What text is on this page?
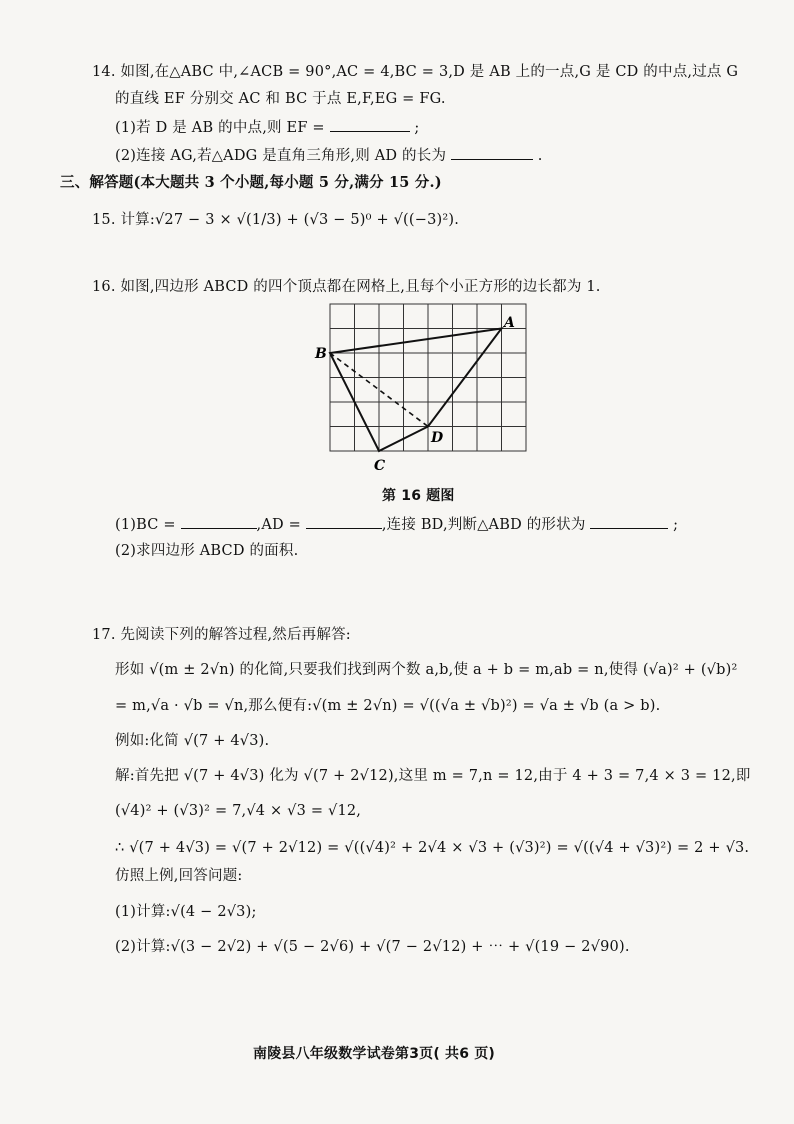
14. 如图,在△ABC 中,∠ACB = 90°,AC = 4,BC = 3,D 是 AB 上的一点,G 是 CD 的中点,过点 G
的直线 EF 分别交 AC 和 BC 于点 E,F,EG = FG.
(1)若 D 是 AB 的中点,则 EF =	;
(2)连接 AG,若△ADG 是直角三角形,则 AD 的长为	.
三、解答题(本大题共 3 个小题,每小题 5 分,满分 15 分.)
15. 计算:√27 − 3 × √(1/3) + (√3 − 5)⁰ + √((−3)²).
16. 如图,四边形 ABCD 的四个顶点都在网格上,且每个小正方形的边长都为 1.
A
B
C
D
第 16 题图
(1)BC =	,AD =	,连接 BD,判断△ABD 的形状为	;
(2)求四边形 ABCD 的面积.
17. 先阅读下列的解答过程,然后再解答:
形如 √(m ± 2√n) 的化简,只要我们找到两个数 a,b,使 a + b = m,ab = n,使得 (√a)² + (√b)²
= m,√a · √b = √n,那么便有:√(m ± 2√n) = √((√a ± √b)²) = √a ± √b (a > b).
例如:化简 √(7 + 4√3).
解:首先把 √(7 + 4√3) 化为 √(7 + 2√12),这里 m = 7,n = 12,由于 4 + 3 = 7,4 × 3 = 12,即
(√4)² + (√3)² = 7,√4 × √3 = √12,
∴ √(7 + 4√3) = √(7 + 2√12) = √((√4)² + 2√4 × √3 + (√3)²) = √((√4 + √3)²) = 2 + √3.
仿照上例,回答问题:
(1)计算:√(4 − 2√3);
(2)计算:√(3 − 2√2) + √(5 − 2√6) + √(7 − 2√12) + ⋯ + √(19 − 2√90).
南陵县八年级数学试卷第3页( 共6 页)
